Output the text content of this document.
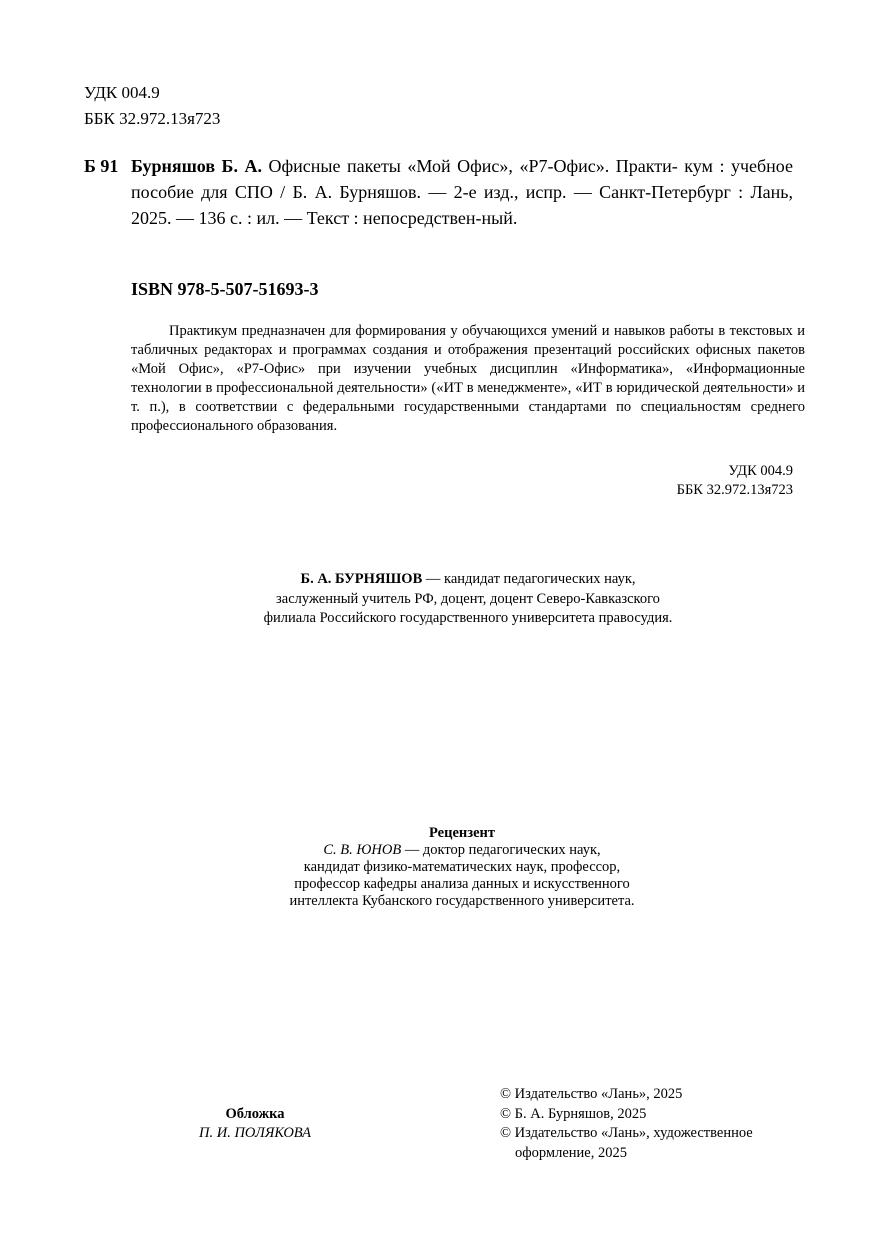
УДК 004.9
ББК 32.972.13я723
Б 91 Бурняшов Б. А. Офисные пакеты «Мой Офис», «Р7-Офис». Практи- кум : учебное пособие для СПО / Б. А. Бурняшов. — 2-е изд., испр. — Санкт-Петербург : Лань, 2025. — 136 с. : ил. — Текст : непосредствен-ный.
ISBN 978-5-507-51693-3
Практикум предназначен для формирования у обучающихся умений и навыков работы в текстовых и табличных редакторах и программах создания и отображения презентаций российских офисных пакетов «Мой Офис», «Р7-Офис» при изучении учебных дисциплин «Информатика», «Информационные технологии в профессиональной деятельности» («ИТ в менеджменте», «ИТ в юридической деятельности» и т. п.), в соответствии с федеральными государственными стандартами по специальностям среднего профессионального образования.
УДК 004.9
ББК 32.972.13я723
Б. А. БУРНЯШОВ — кандидат педагогических наук,
заслуженный учитель РФ, доцент, доцент Северо-Кавказского
филиала Российского государственного университета правосудия.
Рецензент
С. В. ЮНОВ — доктор педагогических наук,
кандидат физико-математических наук, профессор,
профессор кафедры анализа данных и искусственного
интеллекта Кубанского государственного университета.
Обложка
П. И. ПОЛЯКОВА
© Издательство «Лань», 2025
© Б. А. Бурняшов, 2025
© Издательство «Лань», художественное
оформление, 2025
